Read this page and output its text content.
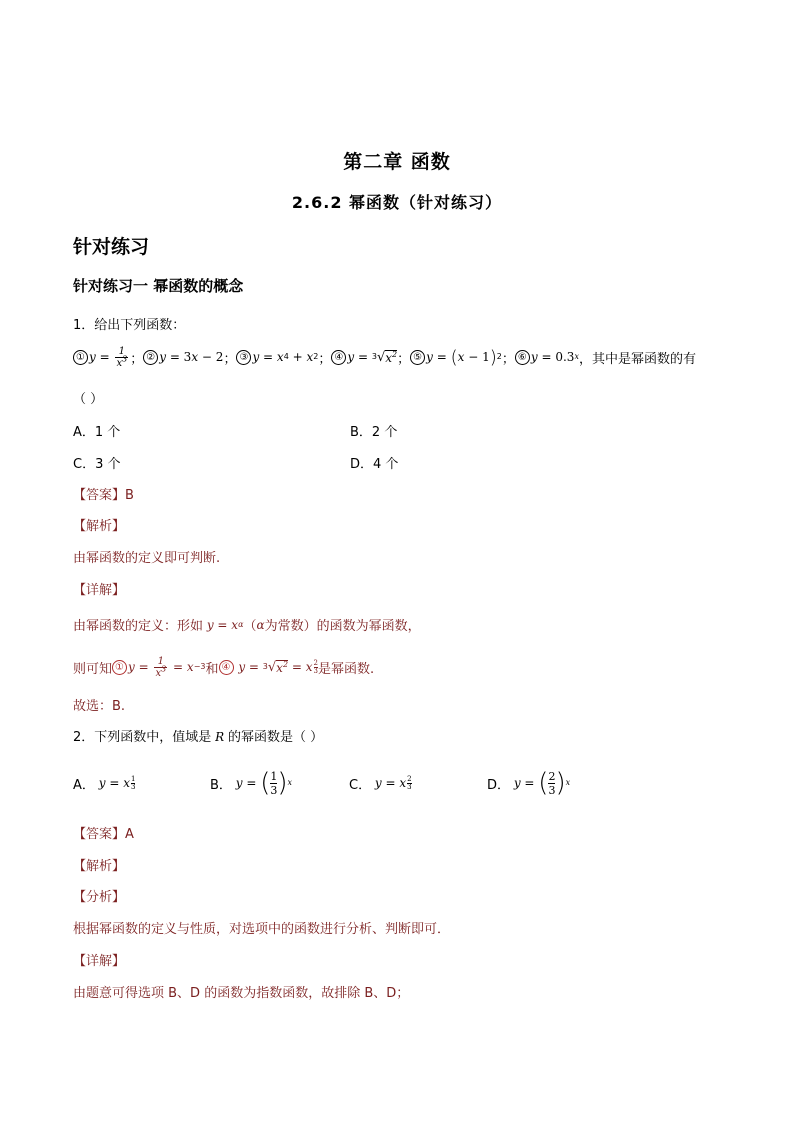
第二章 函数
2.6.2 幂函数（针对练习）
针对练习
针对练习一 幂函数的概念
1．给出下列函数：
① $y = \frac{1}{x^3}$ ； ② y = 3 x − 2 ； ③ y = x 4 + x 2 ； ④ y = 3 √ $x^2$ ； ⑤ y = ( x − 1 ) 2 ； ⑥ y = 0.3 x ，其中是幂函数的有
（ ）
A．1 个	B．2 个
C．3 个	D．4 个
【答案】B
【解析】
由幂函数的定义即可判断.
【详解】
由幂函数的定义：形如 y = x α （ α 为常数）的函数为幂函数，
则可知 ① $y = \frac{1}{x^3} = x -3$ 和 ④ y = 3 √ $x^2 = x$ 2
3 是幂函数.
故选：B.
2．下列函数中，值域是 R 的幂函数是（ ）
A． y = x 1
3	B． y = ( 1
3 ) x	C． y = x 2
3	D． y = ( 2
3 ) x
【答案】A
【解析】
【分析】
根据幂函数的定义与性质，对选项中的函数进行分析、判断即可．
【详解】
由题意可得选项 B、D 的函数为指数函数，故排除 B、D；
